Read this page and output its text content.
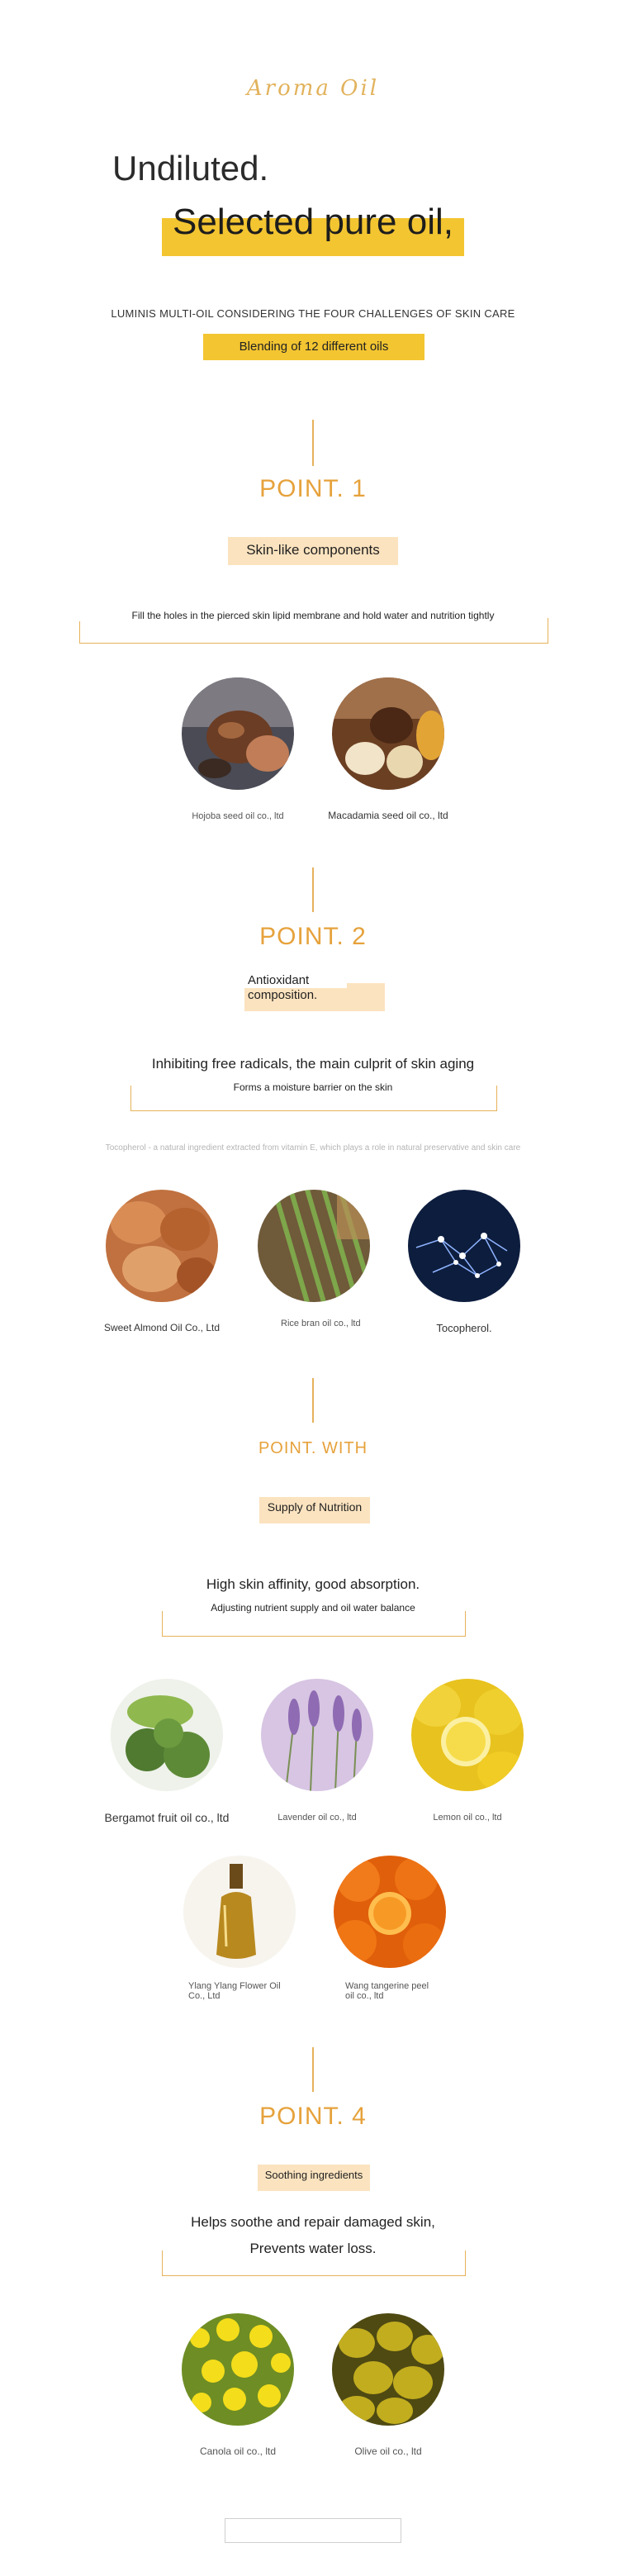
Aroma Oil
Undiluted.
Selected pure oil,
LUMINIS MULTI-OIL CONSIDERING THE FOUR CHALLENGES OF SKIN CARE
Blending of 12 different oils
POINT. 1
Skin-like components
Fill the holes in the pierced skin lipid membrane and hold water and nutrition tightly
Hojoba seed oil co., ltd	Macadamia seed oil co., ltd
POINT. 2
Antioxidant
composition.
Inhibiting free radicals, the main culprit of skin aging
Forms a moisture barrier on the skin
Tocopherol - a natural ingredient extracted from vitamin E, which plays a role in natural preservative and skin care
Sweet Almond Oil Co., Ltd	Rice bran oil co., ltd	Tocopherol.
POINT. WITH
Supply of Nutrition
High skin affinity, good absorption.
Adjusting nutrient supply and oil water balance
Bergamot fruit oil co., ltd	Lavender oil co., ltd	Lemon oil co., ltd
Ylang Ylang Flower Oil Co., Ltd
Wang tangerine peel oil co., ltd
POINT. 4
Soothing ingredients
Helps soothe and repair damaged skin,
Prevents water loss.
Canola oil co., ltd	Olive oil co., ltd
